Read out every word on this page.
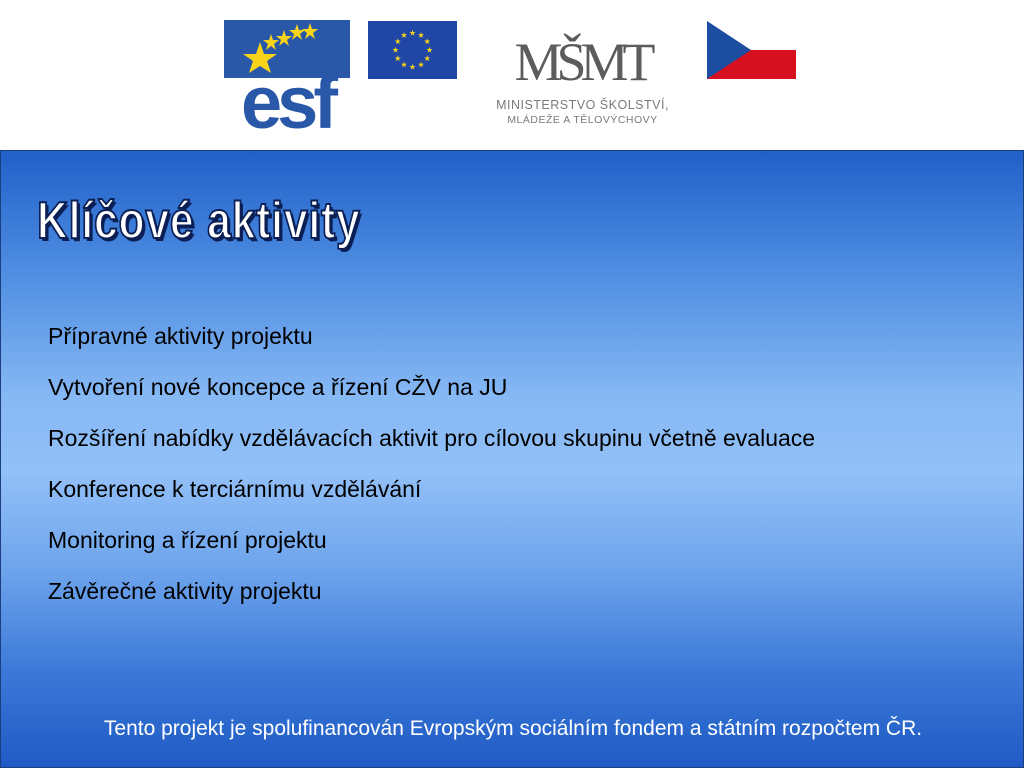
esf	MŠMT
MINISTERSTVO ŠKOLSTVÍ,
MLÁDEŽE A TĚLOVÝCHOVY
Klíčové aktivity
Přípravné aktivity projektu
Vytvoření nové koncepce a řízení CŽV na JU
Rozšíření nabídky vzdělávacích aktivit pro cílovou skupinu včetně evaluace
Konference k terciárnímu vzdělávání
Monitoring a řízení projektu
Závěrečné aktivity projektu
Tento projekt je spolufinancován Evropským sociálním fondem a státním rozpočtem ČR.
